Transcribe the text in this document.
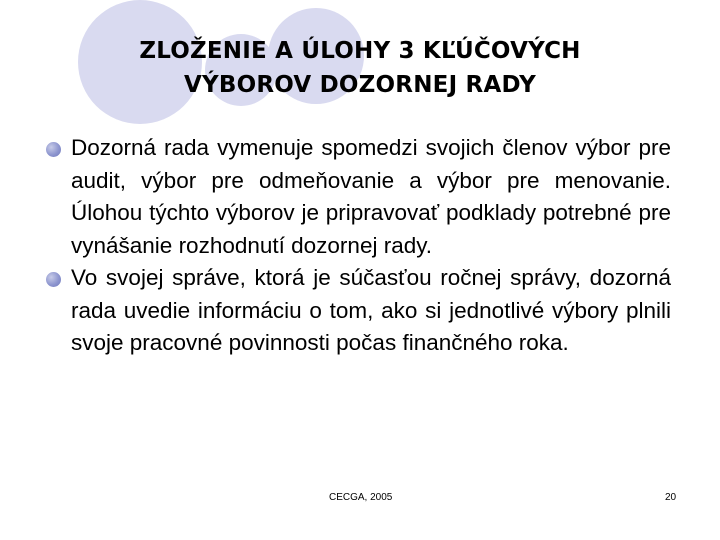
ZLOŽENIE A ÚLOHY 3 KĽÚČOVÝCH
VÝBOROV DOZORNEJ RADY
Dozorná rada vymenuje spomedzi svojich členov výbor pre audit, výbor pre odmeňovanie a výbor pre menovanie. Úlohou týchto výborov je pripravovať podklady potrebné pre vynášanie rozhodnutí dozornej rady.
Vo svojej správe, ktorá je súčasťou ročnej správy, dozorná rada uvedie informáciu o tom, ako si jednotlivé výbory plnili svoje pracovné povinnosti počas finančného roka.
CECGA, 2005	20
